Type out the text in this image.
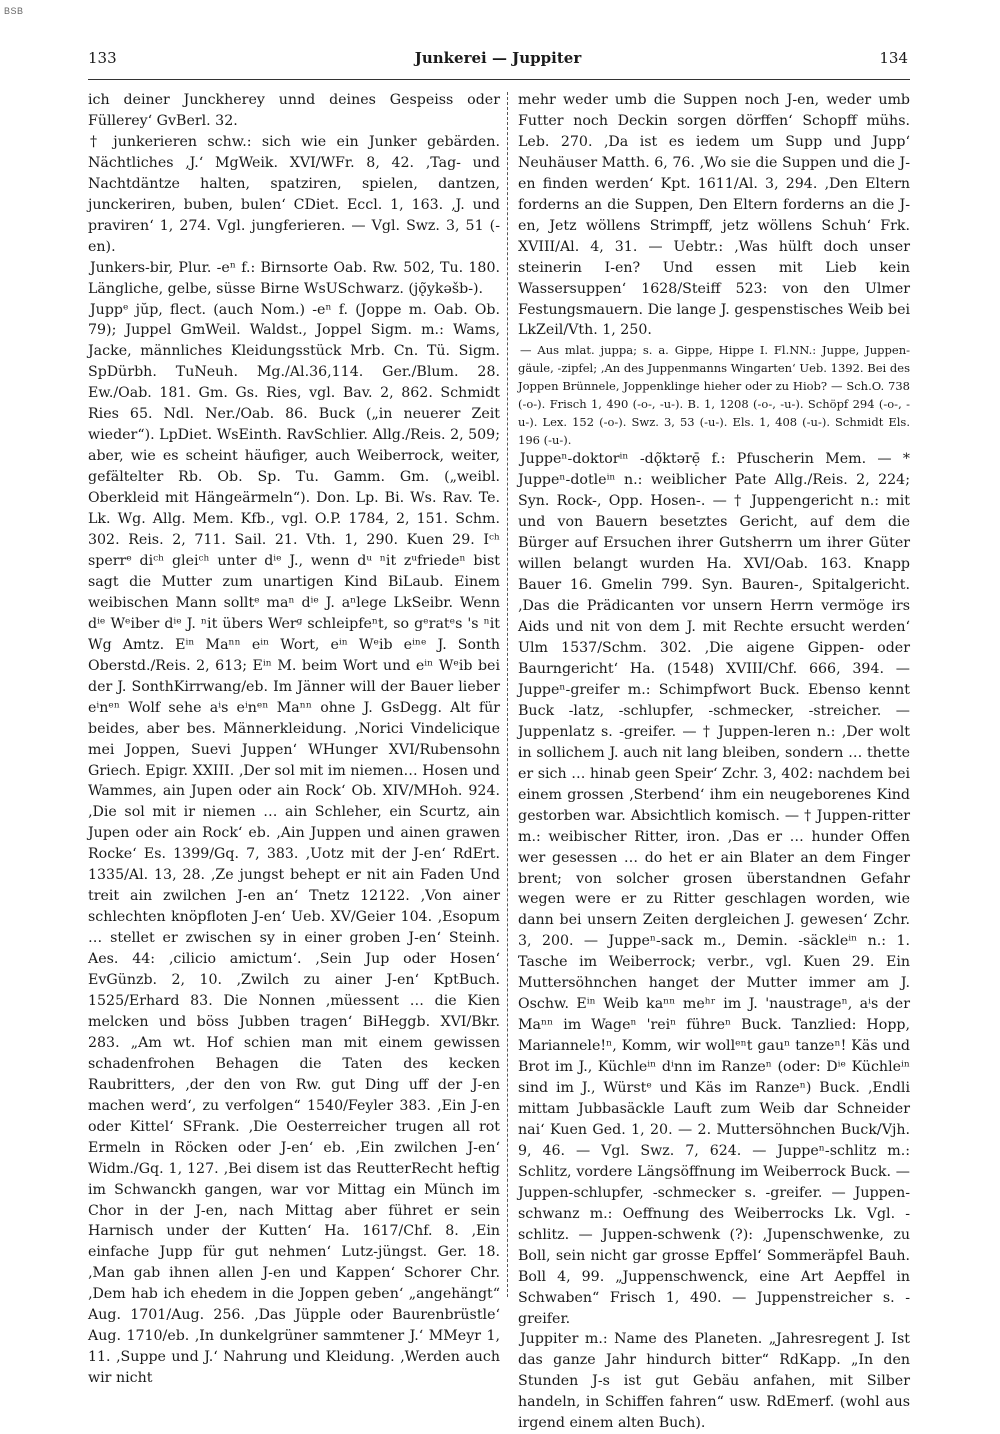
BSB
133	Junkerei — Juppiter	134

ich deiner Junckherey unnd deines Gespeiss oder Füllerey‘ GvBerl. 32.

† junkerieren schw.: sich wie ein Junker gebärden. Nächtliches ‚J.‘ MgWeik. XVI/WFr. 8, 42. ‚Tag- und Nachtdäntze halten, spatziren, spielen, dantzen, junckeriren, buben, bulen‘ CDiet. Eccl. 1, 163. ‚J. und praviren‘ 1, 274. Vgl. jungferieren. — Vgl. Swz. 3, 51 (-en).

Junkers-bir, Plur. -eⁿ f.: Birnsorte Oab. Rw. 502, Tu. 180. Längliche, gelbe, süsse Birne WsUSchwarz. (jǫ̃ykəšb-).

Juppᵉ jŭp, flect. (auch Nom.) -eⁿ f. (Joppe m. Oab. Ob. 79); Juppel GmWeil. Waldst., Joppel Sigm. m.: Wams, Jacke, männliches Kleidungsstück Mrb. Cn. Tü. Sigm. SpDürbh. TuNeuh. Mg./Al.36,114. Ger./Blum. 28. Ew./Oab. 181. Gm. Gs. Ries, vgl. Bav. 2, 862. Schmidt Ries 65. Ndl. Ner./Oab. 86. Buck („in neuerer Zeit wieder“). LpDiet. WsEinth. RavSchlier. Allg./Reis. 2, 509; aber, wie es scheint häufiger, auch Weiberrock, weiter, gefältelter Rb. Ob. Sp. Tu. Gamm. Gm. („weibl. Oberkleid mit Hängeärmeln“). Don. Lp. Bi. Ws. Rav. Te. Lk. Wg. Allg. Mem. Kfb., vgl. O.P. 1784, 2, 151. Schm. 302. Reis. 2, 711. Sail. 21. Vth. 1, 290. Kuen 29. Iᶜʰ sperrᵉ diᶜʰ gleiᶜʰ unter dⁱᵉ J., wenn dᵘ ⁿit zᵘfriedeⁿ bist sagt die Mutter zum unartigen Kind BiLaub. Einem weibischen Mann solltᵉ maⁿ dⁱᵉ J. aⁿlege LkSeibr. Wenn dⁱᵉ Wᵉiber dⁱᵉ J. ⁿit übers Werᵍ schleipfeⁿt, so gᵉratᵉs 's ⁿit Wg Amtz. Eⁱⁿ Maⁿⁿ eⁱⁿ Wort, eⁱⁿ Wᵉib eⁱⁿᵉ J. Sonth Oberstd./Reis. 2, 613; Eⁱⁿ M. beim Wort und eⁱⁿ Wᵉib bei der J. SonthKirrwang/eb. Im Jänner will der Bauer lieber eⁱnᵉⁿ Wolf sehe aⁱs eⁱnᵉⁿ Maⁿⁿ ohne J. GsDegg. Alt für beides, aber bes. Männerkleidung. ‚Norici Vindelicique mei Joppen, Suevi Juppen‘ WHunger XVI/Rubensohn Griech. Epigr. XXIII. ‚Der sol mit im niemen… Hosen und Wammes, ain Jupen oder ain Rock‘ Ob. XIV/MHoh. 924. ‚Die sol mit ir niemen … ain Schleher, ein Scurtz, ain Jupen oder ain Rock‘ eb. ‚Ain Juppen und ainen grawen Rocke‘ Es. 1399/Gq. 7, 383. ‚Uotz mit der J-en‘ RdErt. 1335/Al. 13, 28. ‚Ze jungst behept er nit ain Faden Und treit ain zwilchen J-en an‘ Tnetz 12122. ‚Von ainer schlechten knöpfloten J-en‘ Ueb. XV/Geier 104. ‚Esopum … stellet er zwischen sy in einer groben J-en‘ Steinh. Aes. 44: ‚cilicio amictum‘. ‚Sein Jup oder Hosen‘ EvGünzb. 2, 10. ‚Zwilch zu ainer J-en‘ KptBuch. 1525/Erhard 83. Die Nonnen ‚müessent … die Kien melcken und böss Jubben tragen‘ BiHeggb. XVI/Bkr. 283. „Am wt. Hof schien man mit einem gewissen schadenfrohen Behagen die Taten des kecken Raubritters, ‚der den von Rw. gut Ding uff der J-en machen werd‘, zu verfolgen“ 1540/Feyler 383. ‚Ein J-en oder Kittel‘ SFrank. ‚Die Oesterreicher trugen all rot Ermeln in Röcken oder J-en‘ eb. ‚Ein zwilchen J-en‘ Widm./Gq. 1, 127. ‚Bei disem ist das ReutterRecht heftig im Schwanckh gangen, war vor Mittag ein Münch im Chor in der J-en, nach Mittag aber führet er sein Harnisch under der Kutten‘ Ha. 1617/Chf. 8. ‚Ein einfache Jupp für gut nehmen‘ Lutz-jüngst. Ger. 18. ‚Man gab ihnen allen J-en und Kappen‘ Schorer Chr. ‚Dem hab ich ehedem in die Joppen geben‘ „angehängt“ Aug. 1701/Aug. 256. ‚Das Jüpple oder Baurenbrüstle‘ Aug. 1710/eb. ‚In dunkelgrüner sammtener J.‘ MMeyr 1, 11. ‚Suppe und J.‘ Nahrung und Kleidung. ‚Werden auch wir nicht

mehr weder umb die Suppen noch J-en, weder umb Futter noch Deckin sorgen dörffen‘ Schopff mühs. Leb. 270. ‚Da ist es iedem um Supp und Jupp‘ Neuhäuser Matth. 6, 76. ‚Wo sie die Suppen und die J-en finden werden‘ Kpt. 1611/Al. 3, 294. ‚Den Eltern forderns an die Suppen, Den Eltern forderns an die J-en, Jetz wöllens Strimpff, jetz wöllens Schuh‘ Frk. XVIII/Al. 4, 31. — Uebtr.: ‚Was hülft doch unser steinerin I-en? Und essen mit Lieb kein Wassersuppen‘ 1628/Steiff 523: von den Ulmer Festungsmauern. Die lange J. gespenstisches Weib bei LkZeil/Vth. 1, 250.

— Aus mlat. juppa; s. a. Gippe, Hippe I. Fl.NN.: Juppe, Juppen-gäule, -zipfel; ‚An des Juppenmanns Wingarten‘ Ueb. 1392. Bei des Joppen Brünnele, Joppenklinge hieher oder zu Hiob? — Sch.O. 738 (-o-). Frisch 1, 490 (-o-, -u-). B. 1, 1208 (-o-, -u-). Schöpf 294 (-o-, -u-). Lex. 152 (-o-). Swz. 3, 53 (-u-). Els. 1, 408 (-u-). Schmidt Els. 196 (-u-).

Juppeⁿ-doktorⁱⁿ -dǫ̃ktərẹ̄ f.: Pfuscherin Mem. — * Juppeⁿ-dotleⁱⁿ n.: weiblicher Pate Allg./Reis. 2, 224; Syn. Rock-, Opp. Hosen-. — † Juppengericht n.: mit und von Bauern besetztes Gericht, auf dem die Bürger auf Ersuchen ihrer Gutsherrn um ihrer Güter willen belangt wurden Ha. XVI/Oab. 163. Knapp Bauer 16. Gmelin 799. Syn. Bauren-, Spitalgericht. ‚Das die Prädicanten vor unsern Herrn vermöge irs Aids und nit von dem J. mit Rechte ersucht werden‘ Ulm 1537/Schm. 302. ‚Die aigene Gippen- oder Baurngericht‘ Ha. (1548) XVIII/Chf. 666, 394. — Juppeⁿ-greifer m.: Schimpfwort Buck. Ebenso kennt Buck -latz, -schlupfer, -schmecker, -streicher. — Juppenlatz s. -greifer. — † Juppen-leren n.: ‚Der wolt in sollichem J. auch nit lang bleiben, sondern … thette er sich … hinab geen Speir‘ Zchr. 3, 402: nachdem bei einem grossen ‚Sterbend‘ ihm ein neugeborenes Kind gestorben war. Absichtlich komisch. — † Juppen-ritter m.: weibischer Ritter, iron. ‚Das er … hunder Offen wer gesessen … do het er ain Blater an dem Finger brent; von solcher grosen überstandnen Gefahr wegen were er zu Ritter geschlagen worden, wie dann bei unsern Zeiten dergleichen J. gewesen‘ Zchr. 3, 200. — Juppeⁿ-sack m., Demin. -säckleⁱⁿ n.: 1. Tasche im Weiberrock; verbr., vgl. Kuen 29. Ein Muttersöhnchen hanget der Mutter immer am J. Oschw. Eⁱⁿ Weib kaⁿⁿ meʰʳ im J. 'naustrageⁿ, aⁱs der Maⁿⁿ im Wageⁿ 'reiⁿ führeⁿ Buck. Tanzlied: Hopp, Mariannele!ⁿ, Komm, wir wollᵉⁿt gauⁿ tanzeⁿ! Käs und Brot im J., Küchleⁱⁿ dⁱnn im Ranzeⁿ (oder: Dⁱᵉ Küchleⁱⁿ sind im J., Würstᵉ und Käs im Ranzeⁿ) Buck. ‚Endli mittam Jubbasäckle Lauft zum Weib dar Schneider nai‘ Kuen Ged. 1, 20. — 2. Muttersöhnchen Buck/Vjh. 9, 46. — Vgl. Swz. 7, 624. — Juppeⁿ-schlitz m.: Schlitz, vordere Längsöffnung im Weiberrock Buck. — Juppen-schlupfer, -schmecker s. -greifer. — Juppen-schwanz m.: Oeffnung des Weiberrocks Lk. Vgl. -schlitz. — Juppen-schwenk (?): ‚Jupenschwenke, zu Boll, sein nicht gar grosse Epffel‘ Sommeräpfel Bauh. Boll 4, 99. „Juppenschwenck, eine Art Aepffel in Schwaben“ Frisch 1, 490. — Juppenstreicher s. -greifer.

Juppiter m.: Name des Planeten. „Jahresregent J. Ist das ganze Jahr hindurch bitter“ RdKapp. „In den Stunden J-s ist gut Gebäu anfahen, mit Silber handeln, in Schiffen fahren“ usw. RdEmerf. (wohl aus irgend einem alten Buch).
